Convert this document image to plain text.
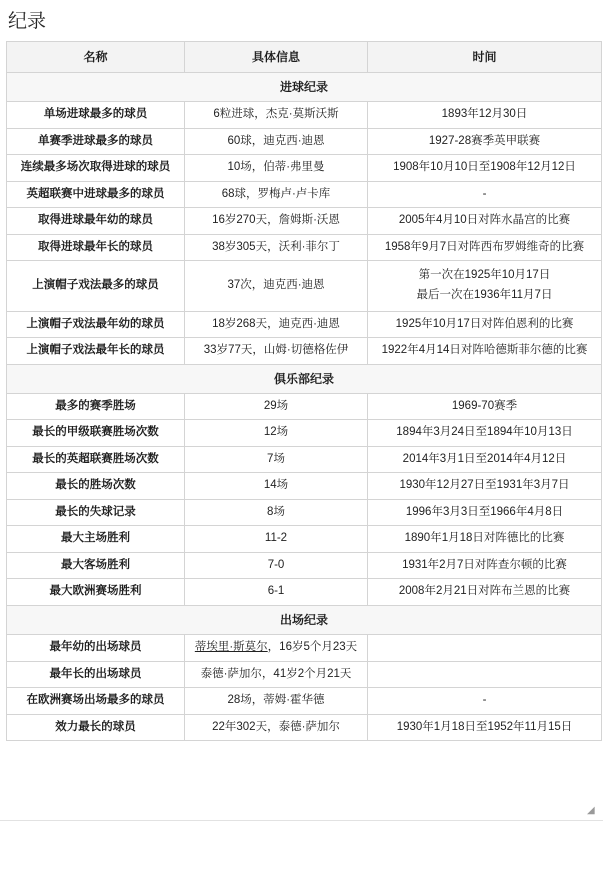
纪录
名称	具体信息	时间
进球纪录		
单场进球最多的球员	6粒进球，杰克·莫斯沃斯	1893年12月30日
单赛季进球最多的球员	60球，迪克西·迪恩	1927-28赛季英甲联赛
连续最多场次取得进球的球员	10场，伯蒂·弗里曼	1908年10月10日至1908年12月12日
英超联赛中进球最多的球员	68球，罗梅卢·卢卡库	-
取得进球最年幼的球员	16岁270天，詹姆斯·沃恩	2005年4月10日对阵水晶宫的比赛
取得进球最年长的球员	38岁305天，沃利·菲尔丁	1958年9月7日对阵西布罗姆维奇的比赛
上演帽子戏法最多的球员	37次，迪克西·迪恩	第一次在1925年10月17日
最后一次在1936年11月7日

上演帽子戏法最年幼的球员	18岁268天，迪克西·迪恩	1925年10月17日对阵伯恩利的比赛
上演帽子戏法最年长的球员	33岁77天，山姆·切德格佐伊	1922年4月14日对阵哈德斯菲尔德的比赛
俱乐部纪录		
最多的赛季胜场	29场	1969-70赛季
最长的甲级联赛胜场次数	12场	1894年3月24日至1894年10月13日
最长的英超联赛胜场次数	7场	2014年3月1日至2014年4月12日
最长的胜场次数	14场	1930年12月27日至1931年3月7日
最长的失球记录	8场	1996年3月3日至1966年4月8日
最大主场胜利	11-2	1890年1月18日对阵德比的比赛
最大客场胜利	7-0	1931年2月7日对阵查尔顿的比赛
最大欧洲赛场胜利	6-1	2008年2月21日对阵布兰恩的比赛
出场纪录		
最年幼的出场球员	蒂埃里·斯莫尔，16岁5个月23天	
最年长的出场球员	泰德·萨加尔，41岁2个月21天	
在欧洲赛场出场最多的球员	28场，蒂姆·霍华德	-
效力最长的球员	22年302天，泰德·萨加尔	1930年1月18日至1952年11月15日
◢
